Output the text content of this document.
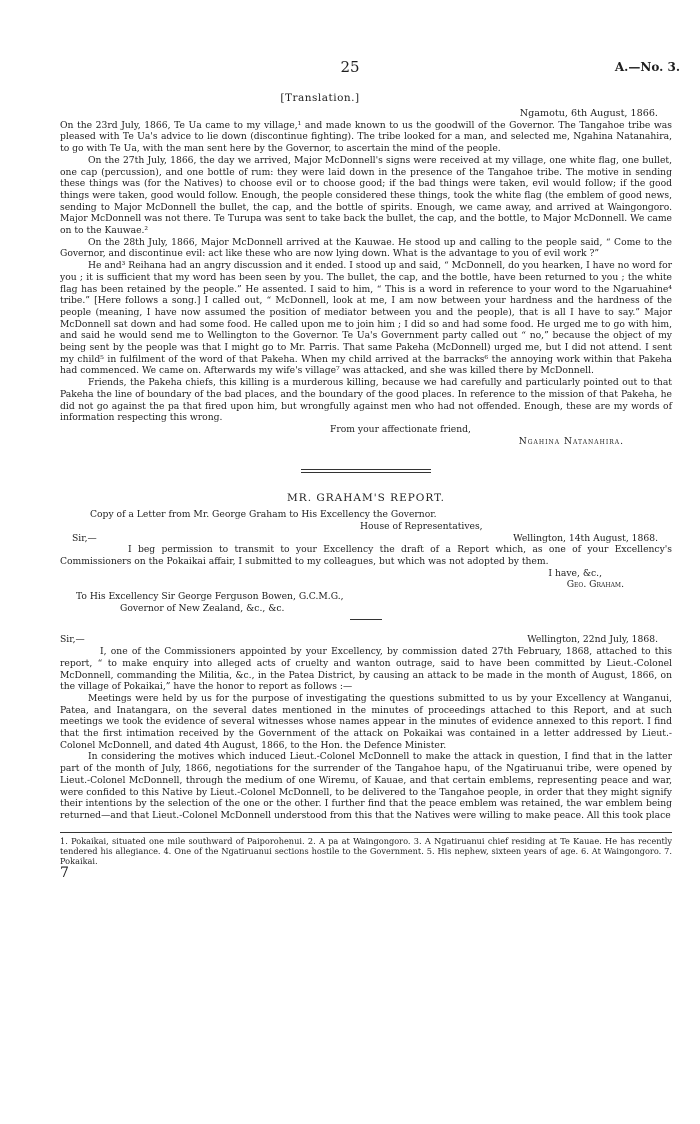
25	A.—No. 3.
[Translation.]
Ngamotu, 6th August, 1866.

On the 23rd July, 1866, Te Ua came to my village,¹ and made known to us the goodwill of the Governor. The Tangahoe tribe was pleased with Te Ua's advice to lie down (discontinue fighting). The tribe looked for a man, and selected me, Ngahina Natanahira, to go with Te Ua, with the man sent here by the Governor, to ascertain the mind of the people.

On the 27th July, 1866, the day we arrived, Major McDonnell's signs were received at my village, one white flag, one bullet, one cap (percussion), and one bottle of rum: they were laid down in the presence of the Tangahoe tribe. The motive in sending these things was (for the Natives) to choose evil or to choose good; if the bad things were taken, evil would follow; if the good things were taken, good would follow. Enough, the people considered these things, took the white flag (the emblem of good news, sending to Major McDonnell the bullet, the cap, and the bottle of spirits. Enough, we came away, and arrived at Waingongoro. Major McDonnell was not there. Te Turupa was sent to take back the bullet, the cap, and the bottle, to Major McDonnell. We came on to the Kauwae.²

On the 28th July, 1866, Major McDonnell arrived at the Kauwae. He stood up and calling to the people said, “ Come to the Governor, and discontinue evil: act like these who are now lying down. What is the advantage to you of evil work ?”

He and³ Reihana had an angry discussion and it ended. I stood up and said, “ McDonnell, do you hearken, I have no word for you ; it is sufficient that my word has been seen by you. The bullet, the cap, and the bottle, have been returned to you ; the white flag has been retained by the people.” He assented. I said to him, “ This is a word in reference to your word to the Ngaruahine⁴ tribe.” [Here follows a song.] I called out, “ McDonnell, look at me, I am now between your hardness and the hardness of the people (meaning, I have now assumed the position of mediator between you and the people), that is all I have to say.” Major McDonnell sat down and had some food. He called upon me to join him ; I did so and had some food. He urged me to go with him, and said he would send me to Wellington to the Governor. Te Ua's Government party called out “ no,” because the object of my being sent by the people was that I might go to Mr. Parris. That same Pakeha (McDonnell) urged me, but I did not attend. I sent my child⁵ in fulfilment of the word of that Pakeha. When my child arrived at the barracks⁶ the annoying work within that Pakeha had commenced. We came on. Afterwards my wife's village⁷ was attacked, and she was killed there by McDonnell.

Friends, the Pakeha chiefs, this killing is a murderous killing, because we had carefully and particularly pointed out to that Pakeha the line of boundary of the bad places, and the boundary of the good places. In reference to the mission of that Pakeha, he did not go against the pa that fired upon him, but wrongfully against men who had not offended. Enough, these are my words of information respecting this wrong.

From your affectionate friend,
Ngahina Natanahira.
MR. GRAHAM'S REPORT.
Copy of a Letter from Mr. George Graham to His Excellency the Governor.
House of Representatives,
Sir,—	Wellington, 14th August, 1868.

I beg permission to transmit to your Excellency the draft of a Report which, as one of your Excellency's Commissioners on the Pokaikai affair, I submitted to my colleagues, but which was not adopted by them.

I have, &c.,
Geo. Graham.
To His Excellency Sir George Ferguson Bowen, G.C.M.G.,
Governor of New Zealand, &c., &c.
Sir,—	Wellington, 22nd July, 1868.

I, one of the Commissioners appointed by your Excellency, by commission dated 27th February, 1868, attached to this report, “ to make enquiry into alleged acts of cruelty and wanton outrage, said to have been committed by Lieut.-Colonel McDonnell, commanding the Militia, &c., in the Patea District, by causing an attack to be made in the month of August, 1866, on the village of Pokaikai,” have the honor to report as follows :—

Meetings were held by us for the purpose of investigating the questions submitted to us by your Excellency at Wanganui, Patea, and Inatangara, on the several dates mentioned in the minutes of proceedings attached to this Report, and at such meetings we took the evidence of several witnesses whose names appear in the minutes of evidence annexed to this report. I find that the first intimation received by the Government of the attack on Pokaikai was contained in a letter addressed by Lieut.-Colonel McDonnell, and dated 4th August, 1866, to the Hon. the Defence Minister.

In considering the motives which induced Lieut.-Colonel McDonnell to make the attack in question, I find that in the latter part of the month of July, 1866, negotiations for the surrender of the Tangahoe hapu, of the Ngatiruanui tribe, were opened by Lieut.-Colonel McDonnell, through the medium of one Wiremu, of Kauae, and that certain emblems, representing peace and war, were confided to this Native by Lieut.-Colonel McDonnell, to be delivered to the Tangahoe people, in order that they might signify their intentions by the selection of the one or the other. I further find that the peace emblem was retained, the war emblem being returned—and that Lieut.-Colonel McDonnell understood from this that the Natives were willing to make peace. All this took place

1. Pokaikai, situated one mile southward of Paiporohenui. 2. A pa at Waingongoro. 3. A Ngatiruanui chief residing at Te Kauae. He has recently tendered his allegiance. 4. One of the Ngatiruanui sections hostile to the Government. 5. His nephew, sixteen years of age. 6. At Waingongoro. 7. Pokaikai.
7
